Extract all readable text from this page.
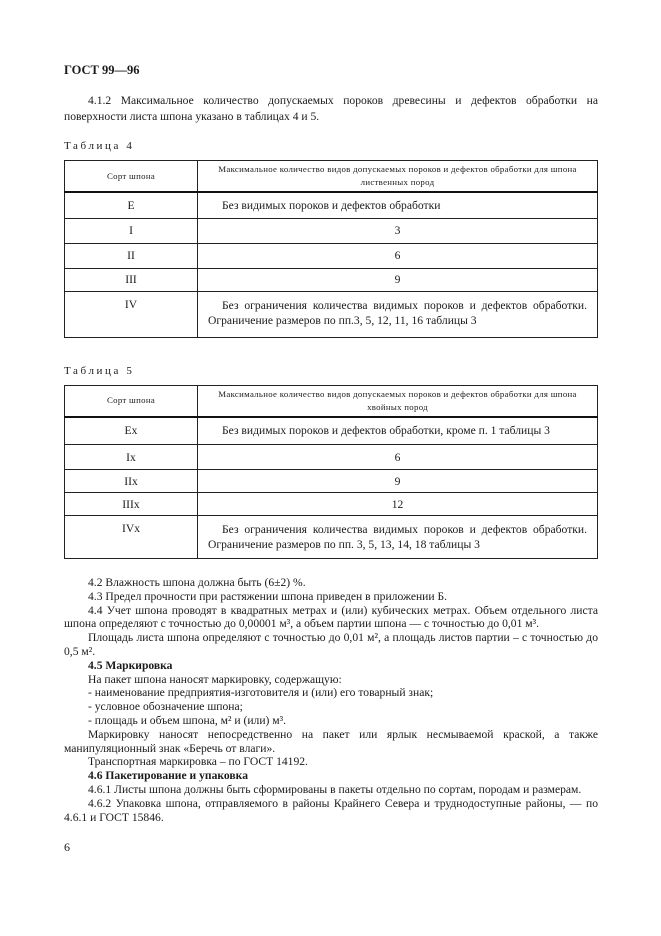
ГОСТ 99—96
4.1.2 Максимальное количество допускаемых пороков древесины и дефектов обработки на поверхности листа шпона указано в таблицах 4 и 5.
Таблица 4
Сорт шпона	Максимальное количество видов допускаемых пороков и дефектов обработки для шпона лиственных пород
E	Без видимых пороков и дефектов обработки
I	3
II	6
III	9
IV	Без ограничения количества видимых пороков и дефектов обработки. Ограничение размеров по пп.3, 5, 12, 11, 16 таблицы 3
Таблица 5
Сорт шпона	Максимальное количество видов допускаемых пороков и дефектов обработки для шпона хвойных пород
Ex	Без видимых пороков и дефектов обработки, кроме п. 1 таблицы 3
Ix	6
IIx	9
IIIx	12
IVx	Без ограничения количества видимых пороков и дефектов обработки. Ограничение размеров по пп. 3, 5, 13, 14, 18 таблицы 3
4.2 Влажность шпона должна быть (6±2) %.
4.3 Предел прочности при растяжении шпона приведен в приложении Б.
4.4 Учет шпона проводят в квадратных метрах и (или) кубических метрах. Объем отдельного листа шпона определяют с точностью до 0,00001 м³, а объем партии шпона — с точностью до 0,01 м³.
Площадь листа шпона определяют с точностью до 0,01 м², а площадь листов партии – с точностью до 0,5 м².
4.5 Маркировка
На пакет шпона наносят маркировку, содержащую:
- наименование предприятия-изготовителя и (или) его товарный знак;
- условное обозначение шпона;
- площадь и объем шпона, м² и (или) м³.
Маркировку наносят непосредственно на пакет или ярлык несмываемой краской, а также манипуляционный знак «Беречь от влаги».
Транспортная маркировка – по ГОСТ 14192.
4.6 Пакетирование и упаковка
4.6.1 Листы шпона должны быть сформированы в пакеты отдельно по сортам, породам и размерам.
4.6.2 Упаковка шпона, отправляемого в районы Крайнего Севера и труднодоступные районы, — по 4.6.1 и ГОСТ 15846.
6
